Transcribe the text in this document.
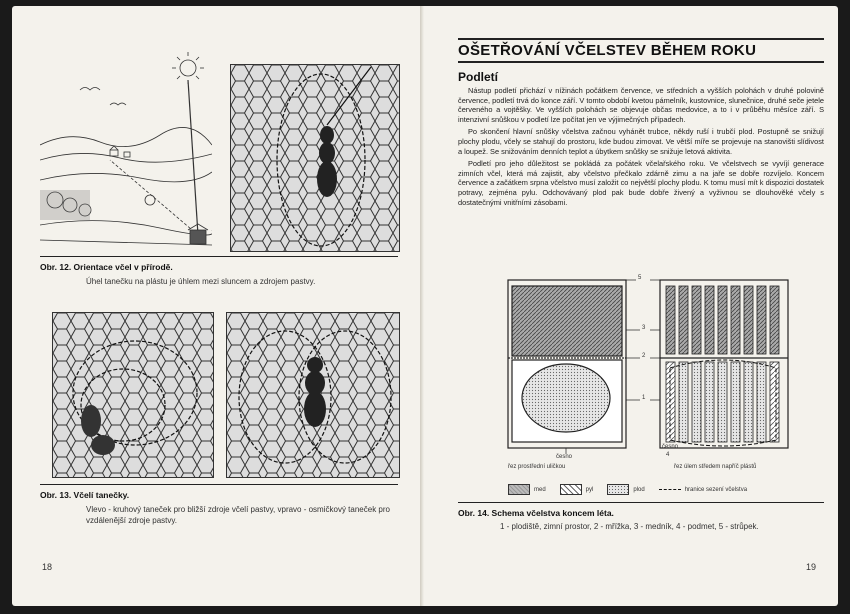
Obr. 12. Orientace včel v přírodě.
Úhel tanečku na plástu je úhlem mezi sluncem a zdrojem pastvy.
Obr. 13. Včelí tanečky.
Vlevo - kruhový taneček pro bližší zdroje včelí pastvy, vpravo - osmičkový taneček pro vzdálenější zdroje pastvy.
18
OŠETŘOVÁNÍ VČELSTEV BĚHEM ROKU
Podletí

Nástup podletí přichází v nížinách počátkem července, ve středních a vyšších polohách v druhé polovině července, podletí trvá do konce září. V tomto období kvetou pámelník, kustovnice, slunečnice, druhé seče jetele červeného a vojtěšky. Ve vyšších polohách se objevuje občas medovice, a to i v průběhu měsíce září. S intenzivní snůškou v podletí lze počítat jen ve výjimečných případech.

Po skončení hlavní snůšky včelstva začnou vyhánět trubce, někdy ruší i trubčí plod. Postupně se snižují plochy plodu, včely se stahují do prostoru, kde budou zimovat. Ve větší míře se projevuje na stanovišti slídivost a loupež. Se snižováním denních teplot a úbytkem snůšky se snižuje letová aktivita.

Podletí pro jeho důležitost se pokládá za počátek včelařského roku. Ve včelstvech se vyvíjí generace zimních včel, která má zajistit, aby včelstvo přečkalo zdárně zimu a na jaře se dobře rozvíjelo. Koncem července a začátkem srpna včelstvo musí založit co největší plochy plodu. K tomu musí mít k dispozici dostatek potravy, zejména pylu. Odchovávaný plod pak bude dobře živený a vyživnou se dlouhověké včely s dostatečnými vnitřními zásobami.

5
3
2
1
4
česno
česno
řez prostřední uličkou	řez úlem středem napříč plástů
med	pyl	plod	hranice sezení včelstva
Obr. 14. Schema včelstva koncem léta.
1 - plodiště, zimní prostor, 2 - mřížka, 3 - medník, 4 - podmet, 5 - strůpek.
19
